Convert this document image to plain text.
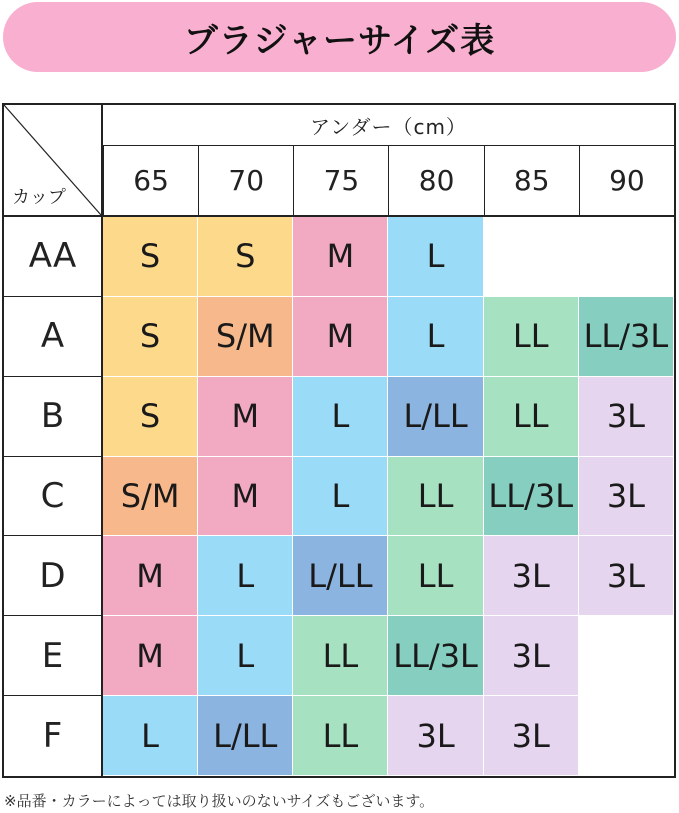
ブラジャーサイズ表
カップ
アンダー（cm）
65	70	75	80	85	90
AA	S	S	M	L
A	S	S/M	M	L	LL	LL/3L
B	S	M	L	L/LL	LL	3L
C	S/M	M	L	LL	LL/3L	3L
D	M	L	L/LL	LL	3L	3L
E	M	L	LL	LL/3L	3L
F	L	L/LL	LL	3L	3L
※品番・カラーによっては取り扱いのないサイズもございます。
